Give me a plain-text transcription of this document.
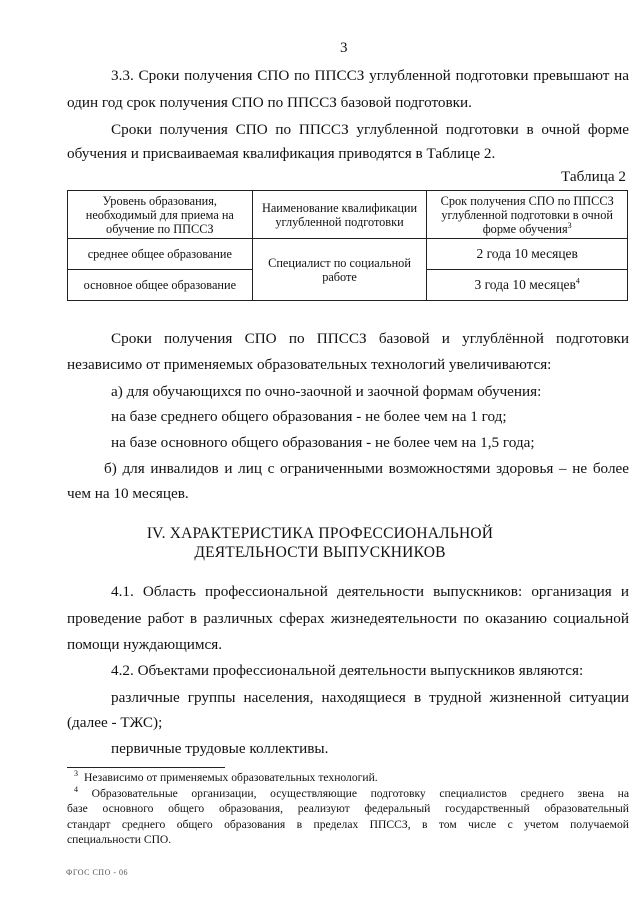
3
3.3. Сроки получения СПО по ППССЗ углубленной подготовки превышают на
один год срок получения СПО по ППССЗ базовой подготовки.
Сроки получения СПО по ППССЗ углубленной подготовки в очной форме
обучения и присваиваемая квалификация приводятся в Таблице 2.
Таблица 2
Уровень образования, необходимый для приема на обучение по ППССЗ	Наименование квалификации углубленной подготовки	Срок получения СПО по ППССЗ углубленной подготовки в очной форме обучения$^3$
среднее общее образование	Специалист по социальной работе	2 года 10 месяцев
основное общее образование		3 года 10 месяцев$^4$
Сроки получения СПО по ППССЗ базовой и углублённой подготовки
независимо от применяемых образовательных технологий увеличиваются:
а) для обучающихся по очно-заочной и заочной формам обучения:
на базе среднего общего образования - не более чем на 1 год;
на базе основного общего образования - не более чем на 1,5 года;
б) для инвалидов и лиц с ограниченными возможностями здоровья – не более
чем на 10 месяцев.
IV. ХАРАКТЕРИСТИКА ПРОФЕССИОНАЛЬНОЙ
ДЕЯТЕЛЬНОСТИ ВЫПУСКНИКОВ
4.1. Область профессиональной деятельности выпускников: организация и
проведение работ в различных сферах жизнедеятельности по оказанию социальной
помощи нуждающимся.
4.2. Объектами профессиональной деятельности выпускников являются:
различные группы населения, находящиеся в трудной жизненной ситуации
(далее - ТЖС);
первичные трудовые коллективы.
$^3$ Независимо от применяемых образовательных технологий.
$^4$ Образовательные организации, осуществляющие подготовку специалистов среднего звена на
базе основного общего образования, реализуют федеральный государственный образовательный
стандарт среднего общего образования в пределах ППССЗ, в том числе с учетом получаемой
специальности СПО.
ФГОС СПО - 06
